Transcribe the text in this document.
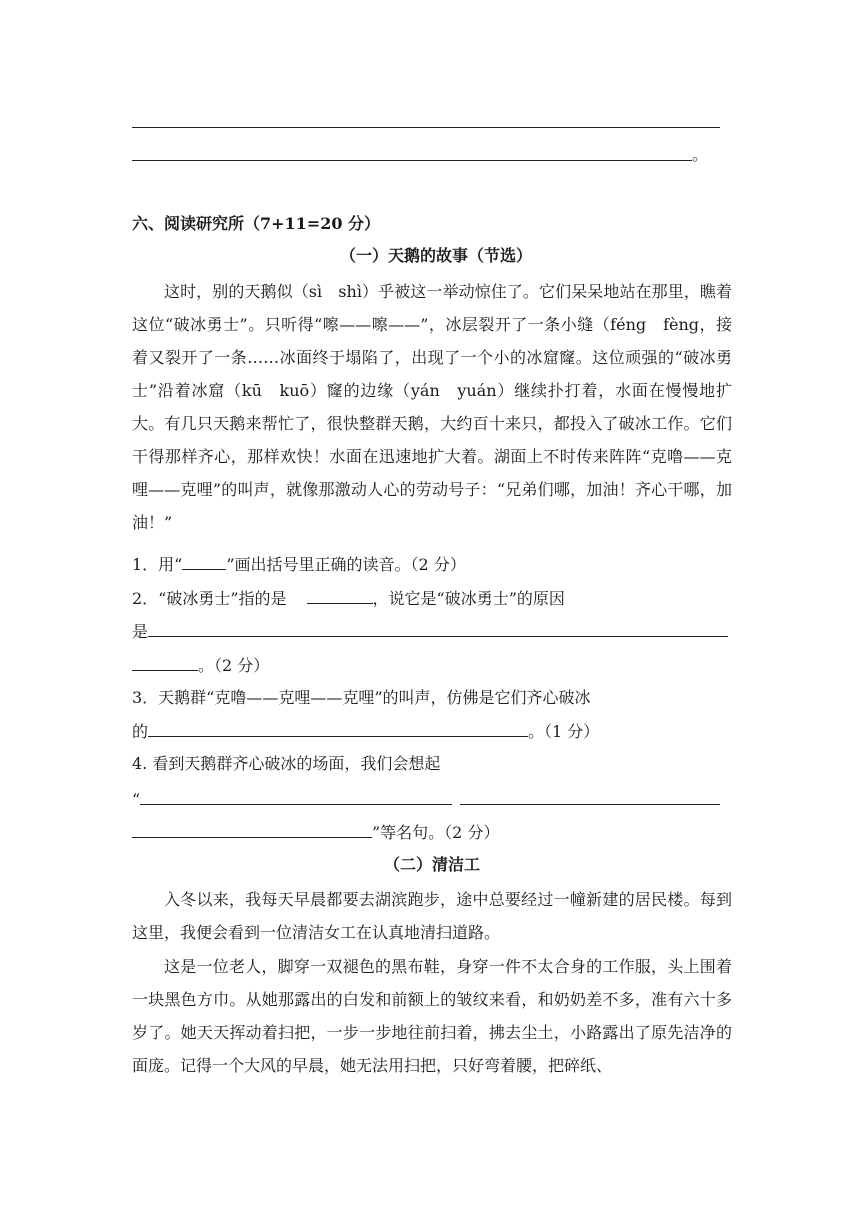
。
六、阅读研究所（7+11=20 分）
（一）天鹅的故事（节选）
这时，别的天鹅似（sì　shì）乎被这一举动惊住了。它们呆呆地站在那里，瞧着这位“破冰勇士”。只听得“嚓——嚓——”，冰层裂开了一条小缝（féng　fèng，接着又裂开了一条……冰面终于塌陷了，出现了一个小的冰窟窿。这位顽强的“破冰勇士”沿着冰窟（kū　kuō）窿的边缘（yán　yuán）继续扑打着，水面在慢慢地扩大。有几只天鹅来帮忙了，很快整群天鹅，大约百十来只，都投入了破冰工作。它们干得那样齐心，那样欢快！水面在迅速地扩大着。湖面上不时传来阵阵“克噜——克哩——克哩”的叫声，就像那激动人心的劳动号子：“兄弟们哪，加油！齐心干哪，加油！”
1．用“	”画出括号里正确的读音。（2 分）
2．“破冰勇士”指的是	，说它是“破冰勇士”的原因
是
。（2 分）
3．天鹅群“克噜——克哩——克哩”的叫声，仿佛是它们齐心破冰
的	。（1 分）
4. 看到天鹅群齐心破冰的场面，我们会想起
“
”等名句。（2 分）
（二）清洁工
入冬以来，我每天早晨都要去湖滨跑步，途中总要经过一幢新建的居民楼。每到这里，我便会看到一位清洁女工在认真地清扫道路。
这是一位老人，脚穿一双褪色的黑布鞋，身穿一件不太合身的工作服，头上围着一块黑色方巾。从她那露出的白发和前额上的皱纹来看，和奶奶差不多，准有六十多岁了。她天天挥动着扫把，一步一步地往前扫着，拂去尘土，小路露出了原先洁净的面庞。记得一个大风的早晨，她无法用扫把，只好弯着腰，把碎纸、
